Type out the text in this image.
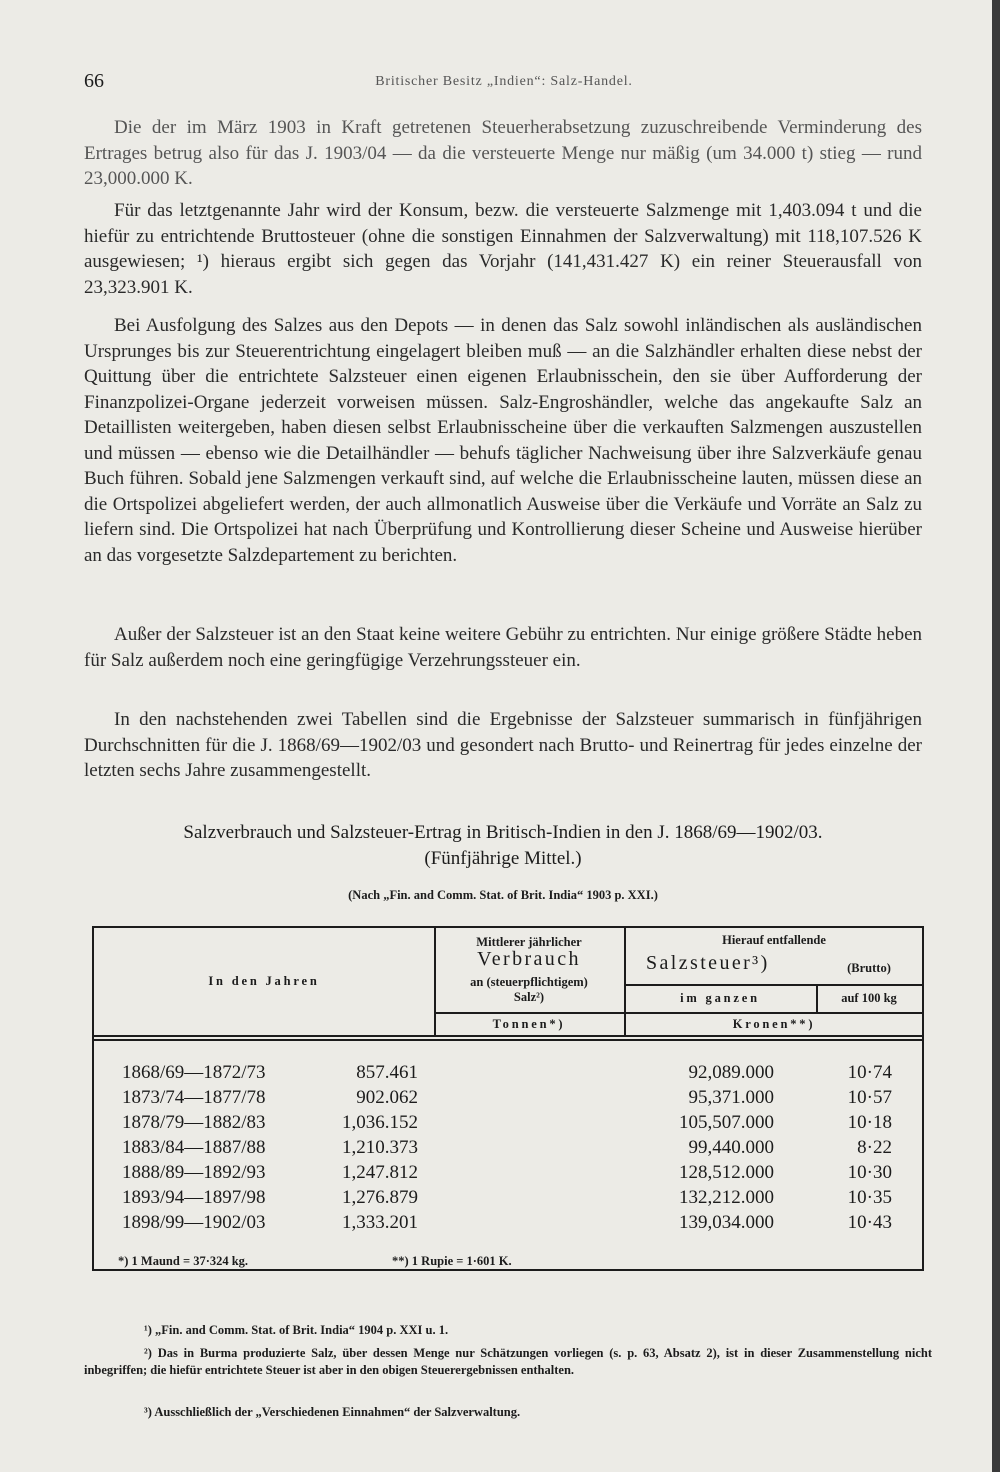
66	Britischer Besitz „Indien“: Salz-Handel.

Die der im März 1903 in Kraft getretenen Steuerherabsetzung zuzuschreibende Verminderung des Ertrages betrug also für das J. 1903/04 — da die versteuerte Menge nur mäßig (um 34.000 t) stieg — rund 23,000.000 K.

Für das letztgenannte Jahr wird der Konsum, bezw. die versteuerte Salzmenge mit 1,403.094 t und die hiefür zu entrichtende Bruttosteuer (ohne die sonstigen Einnahmen der Salzverwaltung) mit 118,107.526 K ausgewiesen; ¹) hieraus ergibt sich gegen das Vorjahr (141,431.427 K) ein reiner Steuerausfall von 23,323.901 K.

Bei Ausfolgung des Salzes aus den Depots — in denen das Salz sowohl inländischen als ausländischen Ursprunges bis zur Steuerentrichtung eingelagert bleiben muß — an die Salzhändler erhalten diese nebst der Quittung über die entrichtete Salzsteuer einen eigenen Erlaubnisschein, den sie über Aufforderung der Finanzpolizei-Organe jederzeit vorweisen müssen. Salz-Engroshändler, welche das angekaufte Salz an Detaillisten weitergeben, haben diesen selbst Erlaubnisscheine über die verkauften Salzmengen auszustellen und müssen — ebenso wie die Detailhändler — behufs täglicher Nachweisung über ihre Salzverkäufe genau Buch führen. Sobald jene Salzmengen verkauft sind, auf welche die Erlaubnisscheine lauten, müssen diese an die Ortspolizei abgeliefert werden, der auch allmonatlich Ausweise über die Verkäufe und Vorräte an Salz zu liefern sind. Die Ortspolizei hat nach Überprüfung und Kontrollierung dieser Scheine und Ausweise hierüber an das vorgesetzte Salzdepartement zu berichten.

Außer der Salzsteuer ist an den Staat keine weitere Gebühr zu entrichten. Nur einige größere Städte heben für Salz außerdem noch eine geringfügige Verzehrungssteuer ein.

In den nachstehenden zwei Tabellen sind die Ergebnisse der Salzsteuer summarisch in fünfjährigen Durchschnitten für die J. 1868/69—1902/03 und gesondert nach Brutto- und Reinertrag für jedes einzelne der letzten sechs Jahre zusammengestellt.

Salzverbrauch und Salzsteuer-Ertrag in Britisch-Indien in den J. 1868/69—1902/03.
(Fünfjährige Mittel.)
(Nach „Fin. and Comm. Stat. of Brit. India“ 1903 p. XXI.)
In den Jahren
Mittlerer jährlicher
Verbrauch
an (steuerpflichtigem) Salz²)
Hierauf entfallende
Salzsteuer³)	(Brutto)
im ganzen	auf 100 kg
Tonnen*)	Kronen**)
1868/69—1872/73	857.461	92,089.000	10·74
1873/74—1877/78	902.062	95,371.000	10·57
1878/79—1882/83	1,036.152	105,507.000	10·18
1883/84—1887/88	1,210.373	99,440.000	8·22
1888/89—1892/93	1,247.812	128,512.000	10·30
1893/94—1897/98	1,276.879	132,212.000	10·35
1898/99—1902/03	1,333.201	139,034.000	10·43
*) 1 Maund = 37·324 kg.	**) 1 Rupie = 1·601 K.

¹) „Fin. and Comm. Stat. of Brit. India“ 1904 p. XXI u. 1.

²) Das in Burma produzierte Salz, über dessen Menge nur Schätzungen vorliegen (s. p. 63, Absatz 2), ist in dieser Zusammenstellung nicht inbegriffen; die hiefür entrichtete Steuer ist aber in den obigen Steuerergebnissen enthalten.

³) Ausschließlich der „Verschiedenen Einnahmen“ der Salzverwaltung.
